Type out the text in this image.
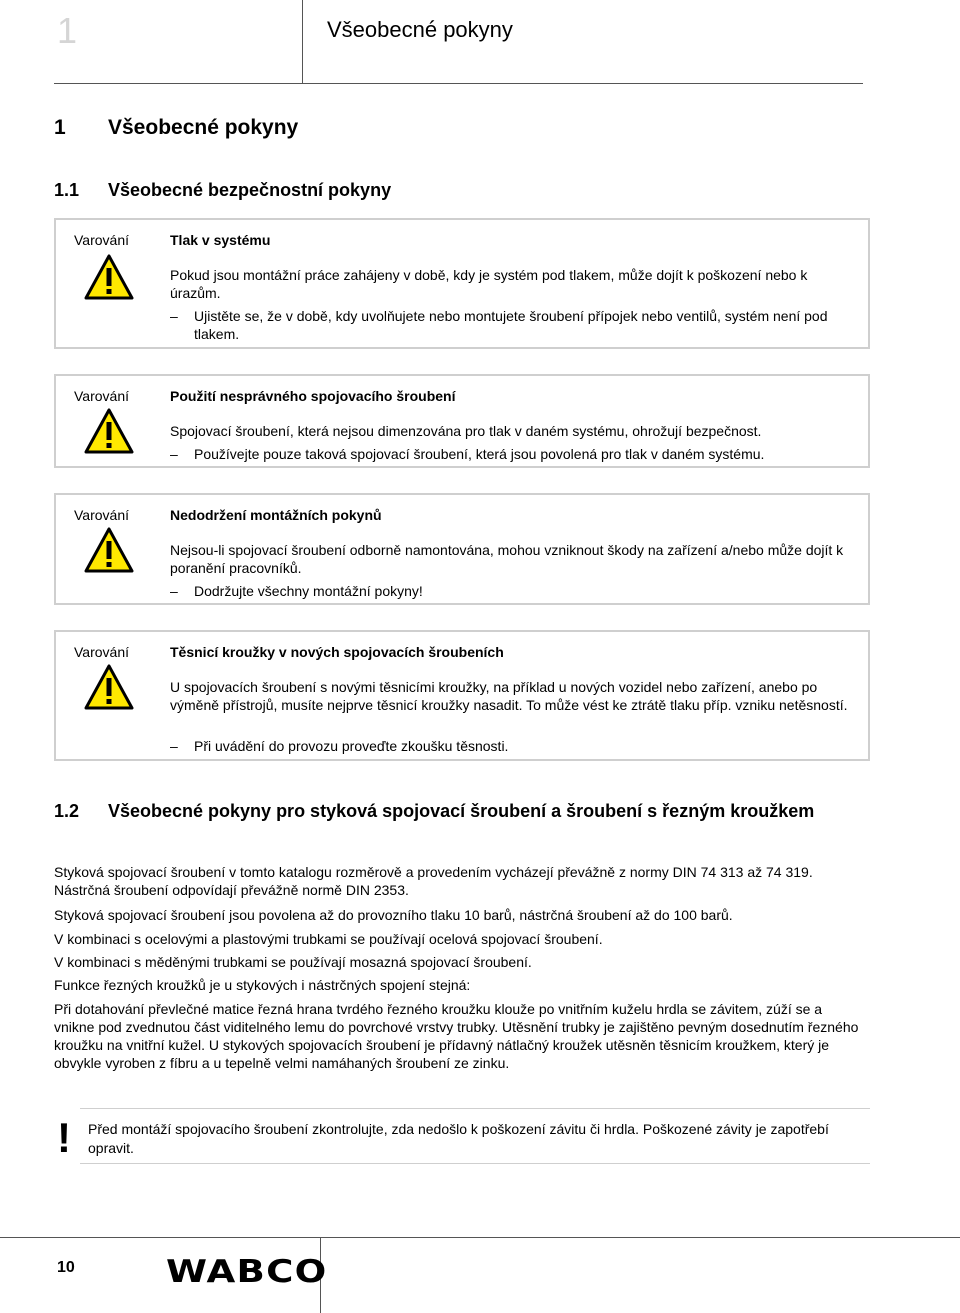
1	Všeobecné pokyny
1 Všeobecné pokyny
1.1 Všeobecné bezpečnostní pokyny
Varování	Tlak v systému
Pokud jsou montážní práce zahájeny v době, kdy je systém pod tlakem, může dojít k poškození nebo k úrazům.
–	Ujistěte se, že v době, kdy uvolňujete nebo montujete šroubení přípojek nebo ventilů, systém není pod tlakem.
Varování	Použití nesprávného spojovacího šroubení
Spojovací šroubení, která nejsou dimenzována pro tlak v daném systému, ohrožují bezpečnost.
–	Používejte pouze taková spojovací šroubení, která jsou povolená pro tlak v daném systému.
Varování	Nedodržení montážních pokynů
Nejsou-li spojovací šroubení odborně namontována, mohou vzniknout škody na zařízení a/nebo může dojít k poranění pracovníků.
–	Dodržujte všechny montážní pokyny!
Varování	Těsnicí kroužky v nových spojovacích šroubeních
U spojovacích šroubení s novými těsnicími kroužky, na příklad u nových vozidel nebo zařízení, anebo po výměně přístrojů, musíte nejprve těsnicí kroužky nasadit. To může vést ke ztrátě tlaku příp. vzniku netěsností.
–	Při uvádění do provozu proveďte zkoušku těsnosti.
1.2 Všeobecné pokyny pro styková spojovací šroubení a šroubení s řezným kroužkem
Styková spojovací šroubení v tomto katalogu rozměrově a provedením vycházejí převážně z normy DIN 74 313 až 74 319. Nástrčná šroubení odpovídají převážně normě DIN 2353.
Styková spojovací šroubení jsou povolena až do provozního tlaku 10 barů, nástrčná šroubení až do 100 barů.
V kombinaci s ocelovými a plastovými trubkami se používají ocelová spojovací šroubení.
V kombinaci s měděnými trubkami se používají mosazná spojovací šroubení.
Funkce řezných kroužků je u stykových i nástrčných spojení stejná:
Při dotahování převlečné matice řezná hrana tvrdého řezného kroužku klouže po vnitřním kuželu hrdla se závitem, zúží se a vnikne pod zvednutou část viditelného lemu do povrchové vrstvy trubky. Utěsnění trubky je zajištěno pevným dosednutím řezného kroužku na vnitřní kužel. U stykových spojovacích šroubení je přídavný nátlačný kroužek utěsněn těsnicím kroužkem, který je obvykle vyroben z fíbru a u tepelně velmi namáhaných šroubení ze zinku.
! Před montáží spojovacího šroubení zkontrolujte, zda nedošlo k poškození závitu či hrdla. Poškozené závity je zapotřebí opravit.
10	WABCO
